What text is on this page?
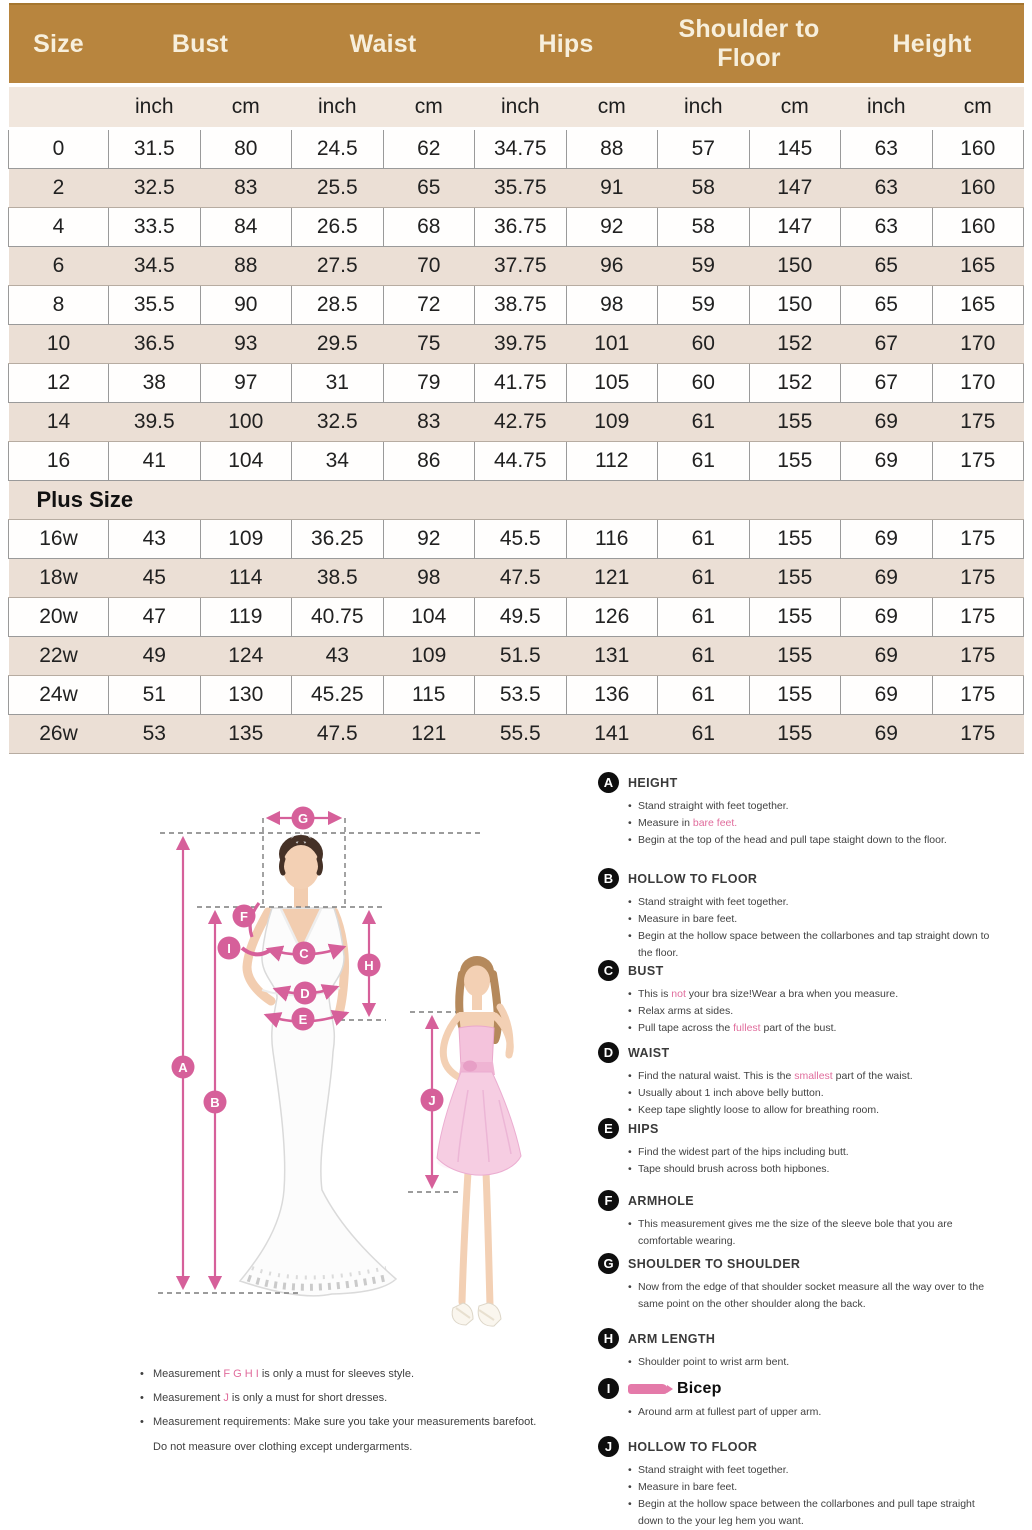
Size	Bust		Waist		Hips		Shoulder to Floor		Height	
	inch	cm	inch	cm	inch	cm	inch	cm	inch	cm
0	31.5	80	24.5	62	34.75	88	57	145	63	160
2	32.5	83	25.5	65	35.75	91	58	147	63	160
4	33.5	84	26.5	68	36.75	92	58	147	63	160
6	34.5	88	27.5	70	37.75	96	59	150	65	165
8	35.5	90	28.5	72	38.75	98	59	150	65	165
10	36.5	93	29.5	75	39.75	101	60	152	67	170
12	38	97	31	79	41.75	105	60	152	67	170
14	39.5	100	32.5	83	42.75	109	61	155	69	175
16	41	104	34	86	44.75	112	61	155	69	175
Plus Size										
16w	43	109	36.25	92	45.5	116	61	155	69	175
18w	45	114	38.5	98	47.5	121	61	155	69	175
20w	47	119	40.75	104	49.5	126	61	155	69	175
22w	49	124	43	109	51.5	131	61	155	69	175
24w	51	130	45.25	115	53.5	136	61	155	69	175
26w	53	135	47.5	121	55.5	141	61	155	69	175
G
F
I	C
D
E
H
A
B	J
• Measurement F G H I is only a must for sleeves style.
• Measurement J is only a must for short dresses.
• Measurement requirements: Make sure you take your measurements barefoot.
Do not measure over clothing except undergarments.
A	HEIGHT
• Stand straight with feet together.
• Measure in bare feet.
• Begin at the top of the head and pull tape staight down to the floor.
B	HOLLOW TO FLOOR
• Stand straight with feet together.
• Measure in bare feet.
• Begin at the hollow space between the collarbones and tap straight down to the floor.
C	BUST
• This is not your bra size!Wear a bra when you measure.
• Relax arms at sides.
• Pull tape across the fullest part of the bust.
D	WAIST
• Find the natural waist. This is the smallest part of the waist.
• Usually about 1 inch above belly button.
• Keep tape slightly loose to allow for breathing room.
E	HIPS
• Find the widest part of the hips including butt.
• Tape should brush across both hipbones.
F	ARMHOLE
• This measurement gives me the size of the sleeve bole that you are comfortable wearing.
G	SHOULDER TO SHOULDER
• Now from the edge of that shoulder socket measure all the way over to the same point on the other shoulder along the back.
H	ARM LENGTH
• Shoulder point to wrist arm bent.
I	Bicep
• Around arm at fullest part of upper arm.
J	HOLLOW TO FLOOR
• Stand straight with feet together.
• Measure in bare feet.
• Begin at the hollow space between the collarbones and pull tape straight down to the your leg hem you want.
